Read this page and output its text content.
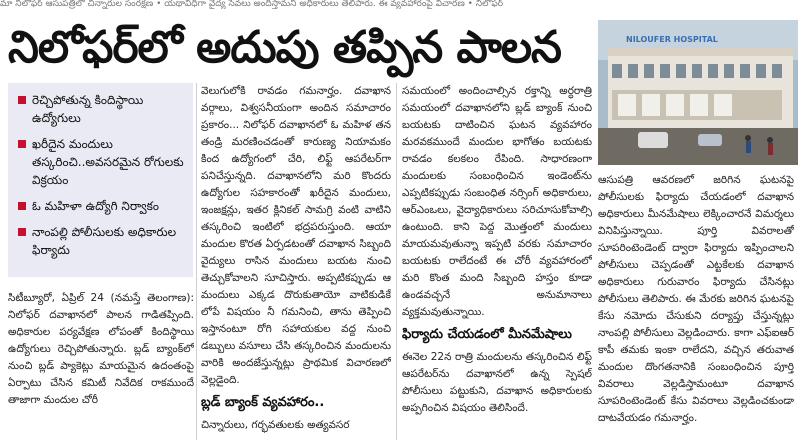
మా నిలోఫర్ ఆసుపత్రిలో చిన్నారుల సంరక్షణ • యథావిధిగా వైద్య సేవలు అందిస్తామని అధికారులు తెలిపారు. ఈ వ్యవహారంపై విచారణ • నిలోఫర్
నిలోఫర్‌లో అదుపు తప్పిన పాలన	NILOUFER HOSPITAL
రెచ్చిపోతున్న కిందిస్థాయి ఉద్యోగులు
ఖరీదైన మందులు తస్కరించి..అవసరమైన రోగులకు విక్రయం
ఓ మహిళా ఉద్యోగి నిర్వాకం
నాంపల్లి పోలీసులకు అధికారుల ఫిర్యాదు

సిటీబ్యూరో, ఏప్రిల్ 24 (నమస్తే తెలంగాణ): నిలోఫర్ దవాఖానలో పాలన గాడితప్పింది. అధికారుల పర్యవేక్షణ లోపంతో కిందిస్థాయి ఉద్యోగులు రెచ్చిపోతున్నారు. బ్లడ్ బ్యాంక్‌లో నుంచి బ్లడ్ ప్యాకెట్లు మాయమైన ఉదంతంపై ఏర్పాటు చేసిన కమిటీ నివేదిక రాకముందే తాజాగా మందుల చోరీ

వెలుగులోకి రావడం గమనార్హం. దవాఖాన వర్గాలు, విశ్వసనీయంగా అందిన సమాచారం ప్రకారం... నిలోఫర్ దవాఖానలో ఓ మహిళ తన తండ్రి మరణించడంతో కారుణ్య నియామకం కింద ఉద్యోగంలో చేరి, లిఫ్ట్ ఆపరేటర్‌గా పనిచేస్తున్నది. దవాఖానలోని మరి కొందరు ఉద్యోగుల సహకారంతో ఖరీదైన మందులు, ఇంజక్షన్లు, ఇతర క్లినికల్ సామగ్రి వంటి వాటిని తస్కరించి ఇంటిలో భద్రపరుస్తుంది. ఆయా మందుల కొరత ఏర్పడటంతో దవాఖాన సిబ్బంది వైద్యులు రాసిన మందులు బయట నుంచి తెచ్చుకోవాలని సూచిస్తారు. అప్పటికప్పుడు ఆ మందులు ఎక్కడ దొరుకుతాయో వాటికుడికే లోపే విషయం నీ గమనించి, తాను తెప్పించి ఇస్తానంటూ రోగి సహాయకుల వద్ద నుంచి డబ్బులు వసూలు చేసి తస్కరించిన మందులను వారికి అందజేస్తున్నట్లు ప్రాథమిక విచారణలో వెల్లడైంది.

బ్లడ్ బ్యాంక్ వ్యవహారం..

చిన్నారులు, గర్భవతులకు అత్యవసర

సమయంలో అందించాల్సిన రక్తాన్ని అర్ధరాత్రి సమయంలో దవాఖానలోని బ్లడ్ బ్యాంక్ నుంచి బయటకు దాటించిన ఘటన వ్యవహారం మరవకముందే మందుల భాగోతం బయటకు రావడం కలకలం రేపింది. సాధారణంగా మందులకు సంబంధించిన ఇండెంట్‌ను ఎప్పటికప్పుడు సంబంధిత నర్సింగ్ అధికారులు, ఆర్‌ఎంఒలు, వైద్యాధికారులు సరిచూసుకోవాల్సి ఉంటుంది. కాని పెద్ద మొత్తంలో మందులు మాయమవుతున్నా ఇప్పటి వరకు సమాచారం బయటకు రాలేదంటే ఈ చోరీ వ్యవహారంలో మరి కొంత మంది సిబ్బంది హస్తం కూడా ఉండవచ్చనే అనుమానాలు వ్యక్తమవుతున్నాయి.

ఫిర్యాదు చేయడంలో మీనమేషాలు

ఈనెల 22న రాత్రి మందులను తస్కరించిన లిఫ్ట్ ఆపరేటర్‌ను దవాఖానలో ఉన్న స్పెషల్ పోలీసులు పట్టుకుని, దవాఖాన అధికారులకు అప్పగించిన విషయం తెలిసిందే.

ఆసుపత్రి ఆవరణలో జరిగిన ఘటనపై పోలీసులకు ఫిర్యాదు చేయడంలో దవాఖాన అధికారులు మీనమేషాలు లెక్కించారనే విమర్శలు వినిపిస్తున్నాయి. పూర్తి వివరాలతో సూపరింటెండెంట్ ద్వారా ఫిర్యాదు ఇప్పించాలని పోలీసులు చెప్పడంతో ఎట్టకేలకు దవాఖాన అధికారులు గురువారం ఫిర్యాదు చేసినట్లు పోలీసులు తెలిపారు. ఈ మేరకు జరిగిన ఘటనపై కేసు నమోదు చేసుకుని దర్యాప్తు చేస్తున్నట్లు నాంపల్లి పోలీసులు వెల్లడించారు. కాగా ఎఫ్‌ఐఆర్ కాపీ తమకు ఇంకా రాలేదని, వచ్చిన తరువాత మందుల దొంగతనానికి సంబంధించిన పూర్తి వివరాలు వెల్లడిస్తామంటూ దవాఖాన సూపరింటెండెంట్ కేసు వివరాలు వెల్లడించకుండా దాటవేయడం గమనార్హం.
